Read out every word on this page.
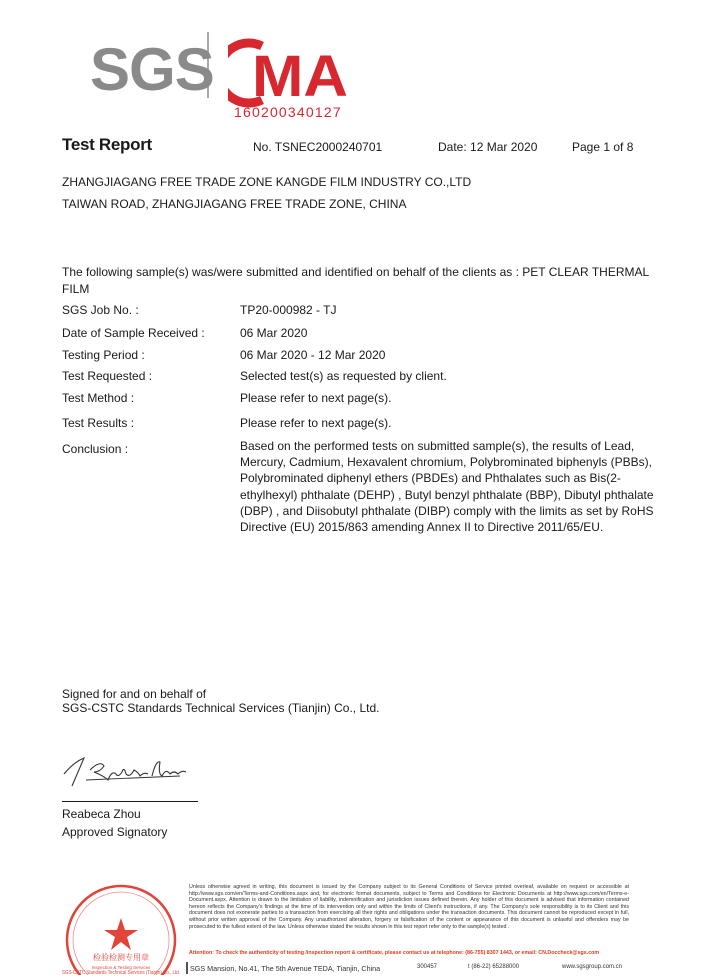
SGS MA
160200340127
Test Report	No. TSNEC2000240701	Date: 12 Mar 2020	Page 1 of 8
ZHANGJIAGANG FREE TRADE ZONE KANGDE FILM INDUSTRY CO.,LTD
TAIWAN ROAD, ZHANGJIAGANG FREE TRADE ZONE, CHINA
The following sample(s) was/were submitted and identified on behalf of the clients as : PET CLEAR THERMAL FILM
SGS Job No. :	TP20-000982 - TJ
Date of Sample Received :	06 Mar 2020
Testing Period :	06 Mar 2020 - 12 Mar 2020
Test Requested :	Selected test(s) as requested by client.
Test Method :	Please refer to next page(s).
Test Results :	Please refer to next page(s).
Conclusion :	Based on the performed tests on submitted sample(s), the results of Lead, Mercury, Cadmium, Hexavalent chromium, Polybrominated biphenyls (PBBs), Polybrominated diphenyl ethers (PBDEs) and Phthalates such as Bis(2-ethylhexyl) phthalate (DEHP) , Butyl benzyl phthalate (BBP), Dibutyl phthalate (DBP) , and Diisobutyl phthalate (DIBP) comply with the limits as set by RoHS Directive (EU) 2015/863 amending Annex II to Directive 2011/65/EU.
Signed for and on behalf of
SGS-CSTC Standards Technical Services (Tianjin) Co., Ltd.
Reabeca Zhou
Approved Signatory
检验检测专用章
Inspection & Testing Services
SGS-CSTC Standards Technical Services (Tianjin) Co., Ltd.
Unless otherwise agreed in writing, this document is issued by the Company subject to its General Conditions of Service printed overleaf, available on request or accessible at http://www.sgs.com/en/Terms-and-Conditions.aspx and, for electronic format documents, subject to Terms and Conditions for Electronic Documents at http://www.sgs.com/en/Terms-e-Document.aspx. Attention is drawn to the limitation of liability, indemnification and jurisdiction issues defined therein. Any holder of this document is advised that information contained hereon reflects the Company's findings at the time of its intervention only and within the limits of Client's instructions, if any. The Company's sole responsibility is to its Client and this document does not exonerate parties to a transaction from exercising all their rights and obligations under the transaction documents. This document cannot be reproduced except in full, without prior written approval of the Company. Any unauthorized alteration, forgery or falsification of the content or appearance of this document is unlawful and offenders may be prosecuted to the fullest extent of the law. Unless otherwise stated the results shown in this test report refer only to the sample(s) tested .
Attention: To check the authenticity of testing /inspection report & certificate, please contact us at telephone: (86-755) 8307 1443, or email: CN.Doccheck@sgs.com
SGS Mansion, No.41, The 5th Avenue TEDA, Tianjin, China	300457	t (86-22) 65288000	www.sgsgroup.com.cn
